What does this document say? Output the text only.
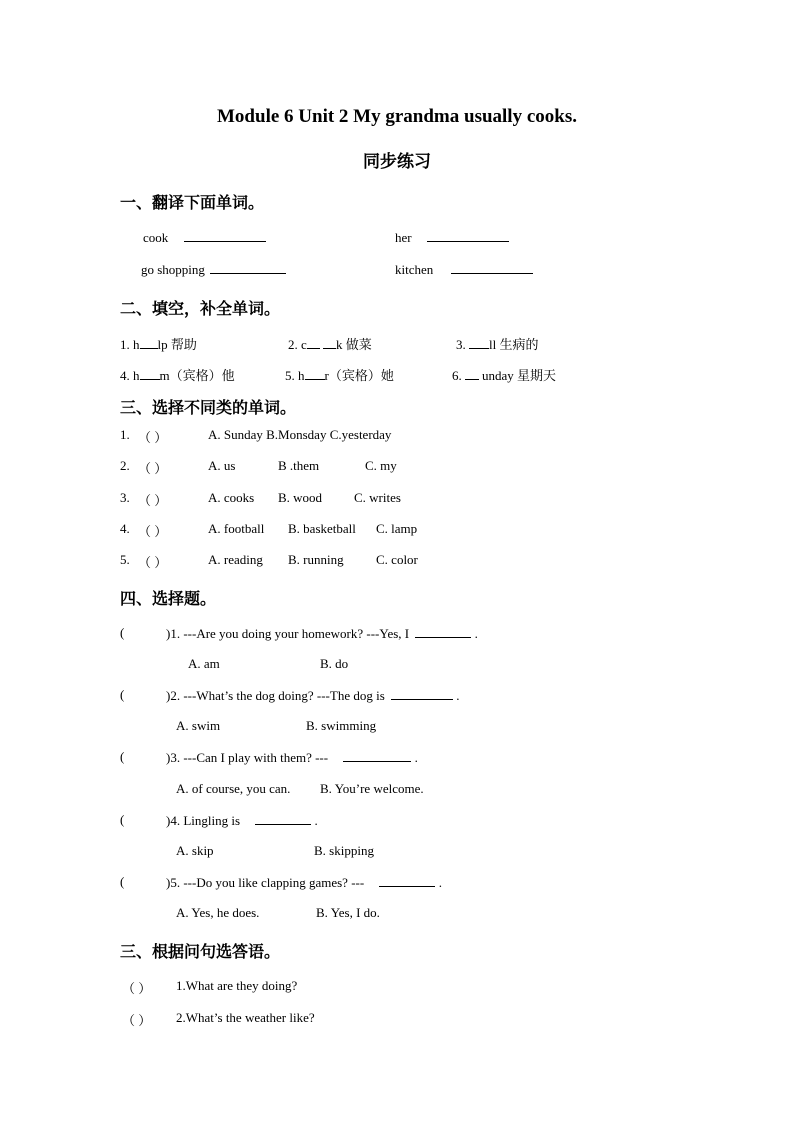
Module 6 Unit 2 My grandma usually cooks.
同步练习
一、翻译下面单词。
cook	her
go shopping	kitchen
二、填空，补全单词。
1. h lp 帮助	2. c k 做菜	3. ll 生病的
4. h m（宾格）他	5. h r（宾格）她	6. unday 星期天
三、选择不同类的单词。
1. （ ）	A. Sunday B.Monsday C.yesterday
2. （ ）	A. us	B .them	C. my
3. （ ）	A. cooks B. wood C. writes
4. （ ）	A. football B. basketball C. lamp
5. （ ）	A. reading B. running C. color
四、选择题。
(	)1. ---Are you doing your homework? ---Yes, I	.
A. am	B. do
(	)2. ---What’s the dog doing? ---The dog is	.
A. swim	B. swimming
(	)3. ---Can I play with them? ---	.
A. of course, you can. B. You’re welcome.
(	)4. Lingling is	.
A. skip	B. skipping
(	)5. ---Do you like clapping games? ---	.
A. Yes, he does.	B. Yes, I do.
三、根据问句选答语。
（ ） 1.What are they doing?
（ ） 2.What’s the weather like?
